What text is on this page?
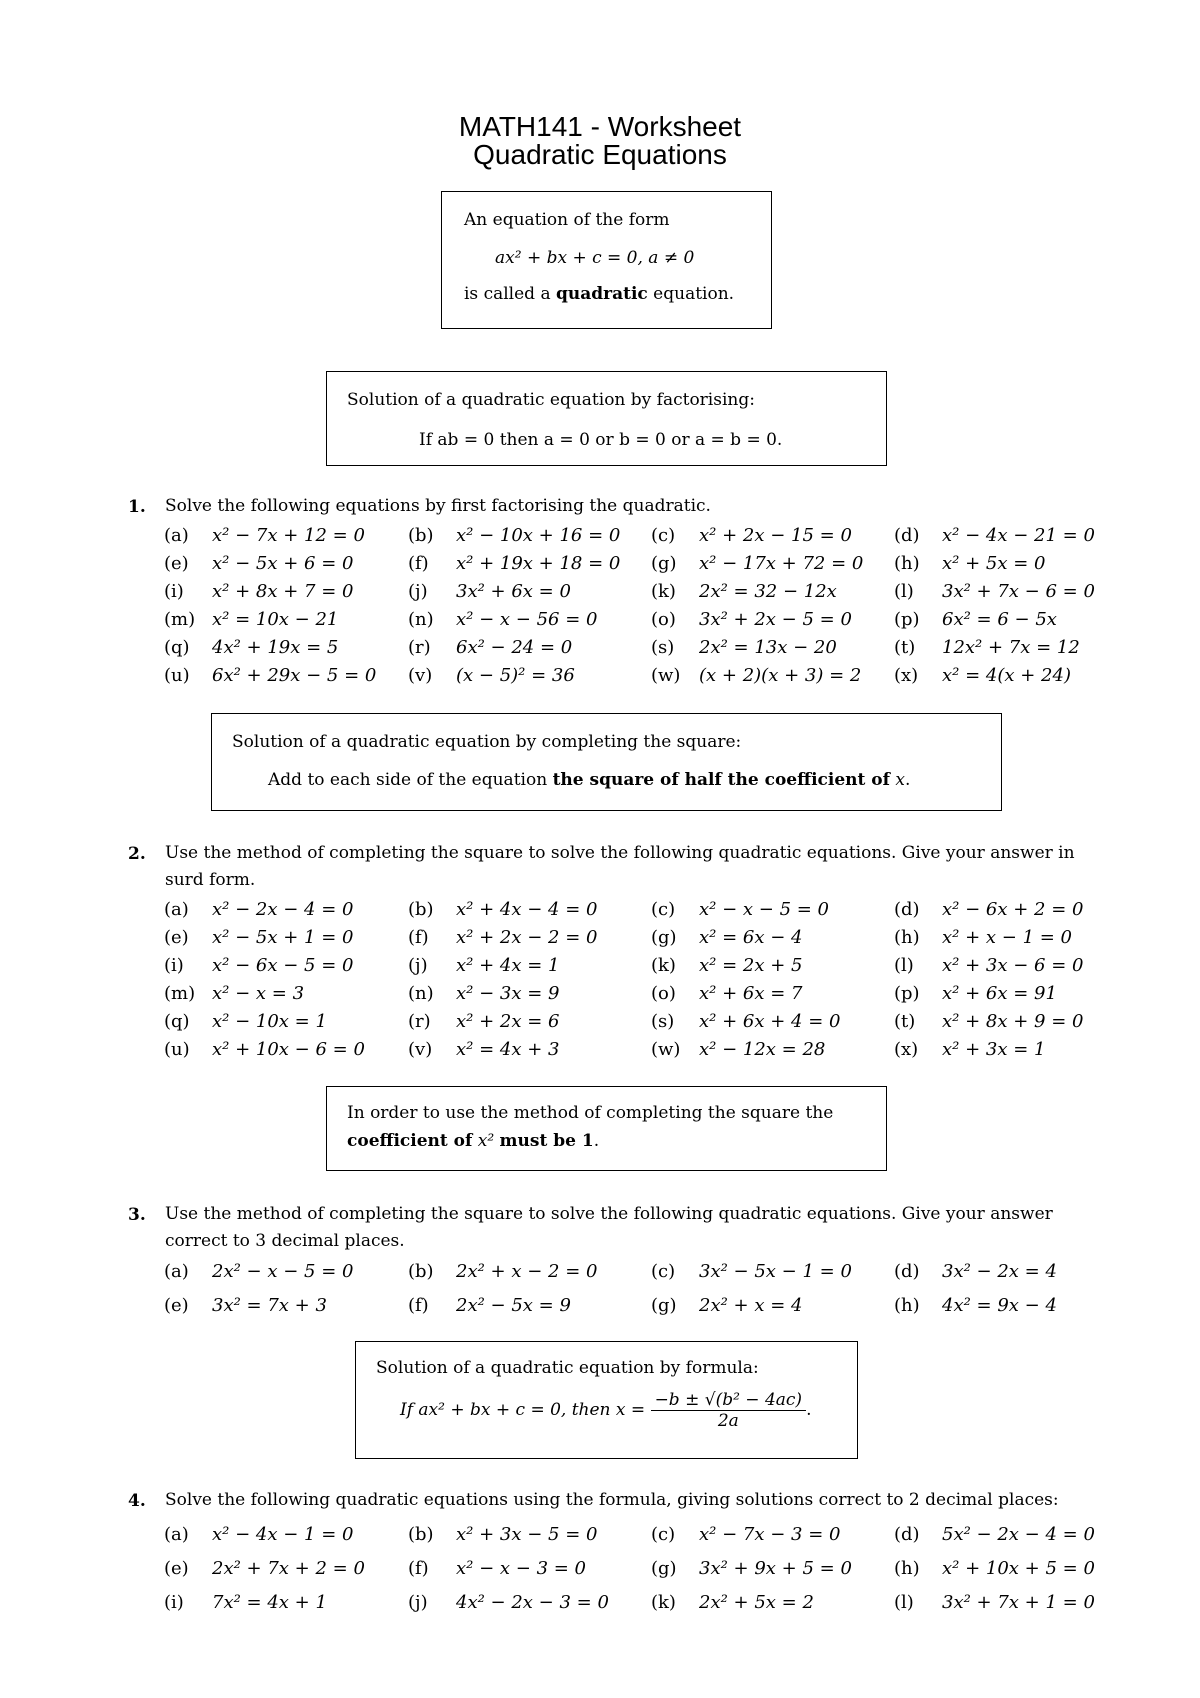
MATH141 - Worksheet
Quadratic Equations
An equation of the form
ax² + bx + c = 0, a ≠ 0
is called a quadratic equation.
Solution of a quadratic equation by factorising:
If ab = 0 then a = 0 or b = 0 or a = b = 0.
1. Solve the following equations by first factorising the quadratic.
(a) x² − 7x + 12 = 0 (b) x² − 10x + 16 = 0 (c) x² + 2x − 15 = 0 (d) x² − 4x − 21 = 0
(e) x² − 5x + 6 = 0	(f) x² + 19x + 18 = 0 (g) x² − 17x + 72 = 0 (h) x² + 5x = 0
(i) x² + 8x + 7 = 0	(j) 3x² + 6x = 0	(k) 2x² = 32 − 12x	(l) 3x² + 7x − 6 = 0
(m) x² = 10x − 21	(n) x² − x − 56 = 0	(o) 3x² + 2x − 5 = 0 (p) 6x² = 6 − 5x
(q) 4x² + 19x = 5	(r) 6x² − 24 = 0	(s) 2x² = 13x − 20	(t) 12x² + 7x = 12
(u) 6x² + 29x − 5 = 0 (v) (x − 5)² = 36	(w) (x + 2)(x + 3) = 2 (x) x² = 4(x + 24)
Solution of a quadratic equation by completing the square:
Add to each side of the equation the square of half the coefficient of x.
2. Use the method of completing the square to solve the following quadratic equations. Give your answer in surd form.
(a) x² − 2x − 4 = 0	(b) x² + 4x − 4 = 0	(c) x² − x − 5 = 0	(d) x² − 6x + 2 = 0
(e) x² − 5x + 1 = 0	(f) x² + 2x − 2 = 0	(g) x² = 6x − 4	(h) x² + x − 1 = 0
(i) x² − 6x − 5 = 0	(j) x² + 4x = 1	(k) x² = 2x + 5	(l) x² + 3x − 6 = 0
(m) x² − x = 3	(n) x² − 3x = 9	(o) x² + 6x = 7	(p) x² + 6x = 91
(q) x² − 10x = 1	(r) x² + 2x = 6	(s) x² + 6x + 4 = 0	(t) x² + 8x + 9 = 0
(u) x² + 10x − 6 = 0 (v) x² = 4x + 3	(w) x² − 12x = 28	(x) x² + 3x = 1
In order to use the method of completing the square the
coefficient of x² must be 1.
3. Use the method of completing the square to solve the following quadratic equations. Give your answer correct to 3 decimal places.
(a) 2x² − x − 5 = 0	(b) 2x² + x − 2 = 0	(c) 3x² − 5x − 1 = 0 (d) 3x² − 2x = 4
(e) 3x² = 7x + 3	(f) 2x² − 5x = 9	(g) 2x² + x = 4	(h) 4x² = 9x − 4
Solution of a quadratic equation by formula:
If ax² + bx + c = 0, then $x = \frac{\text{−b ± √(b² − 4ac)}}{2a}$ .
4. Solve the following quadratic equations using the formula, giving solutions correct to 2 decimal places:
(a) x² − 4x − 1 = 0	(b) x² + 3x − 5 = 0	(c) x² − 7x − 3 = 0	(d) 5x² − 2x − 4 = 0
(e) 2x² + 7x + 2 = 0 (f) x² − x − 3 = 0	(g) 3x² + 9x + 5 = 0 (h) x² + 10x + 5 = 0
(i) 7x² = 4x + 1	(j) 4x² − 2x − 3 = 0 (k) 2x² + 5x = 2	(l) 3x² + 7x + 1 = 0
